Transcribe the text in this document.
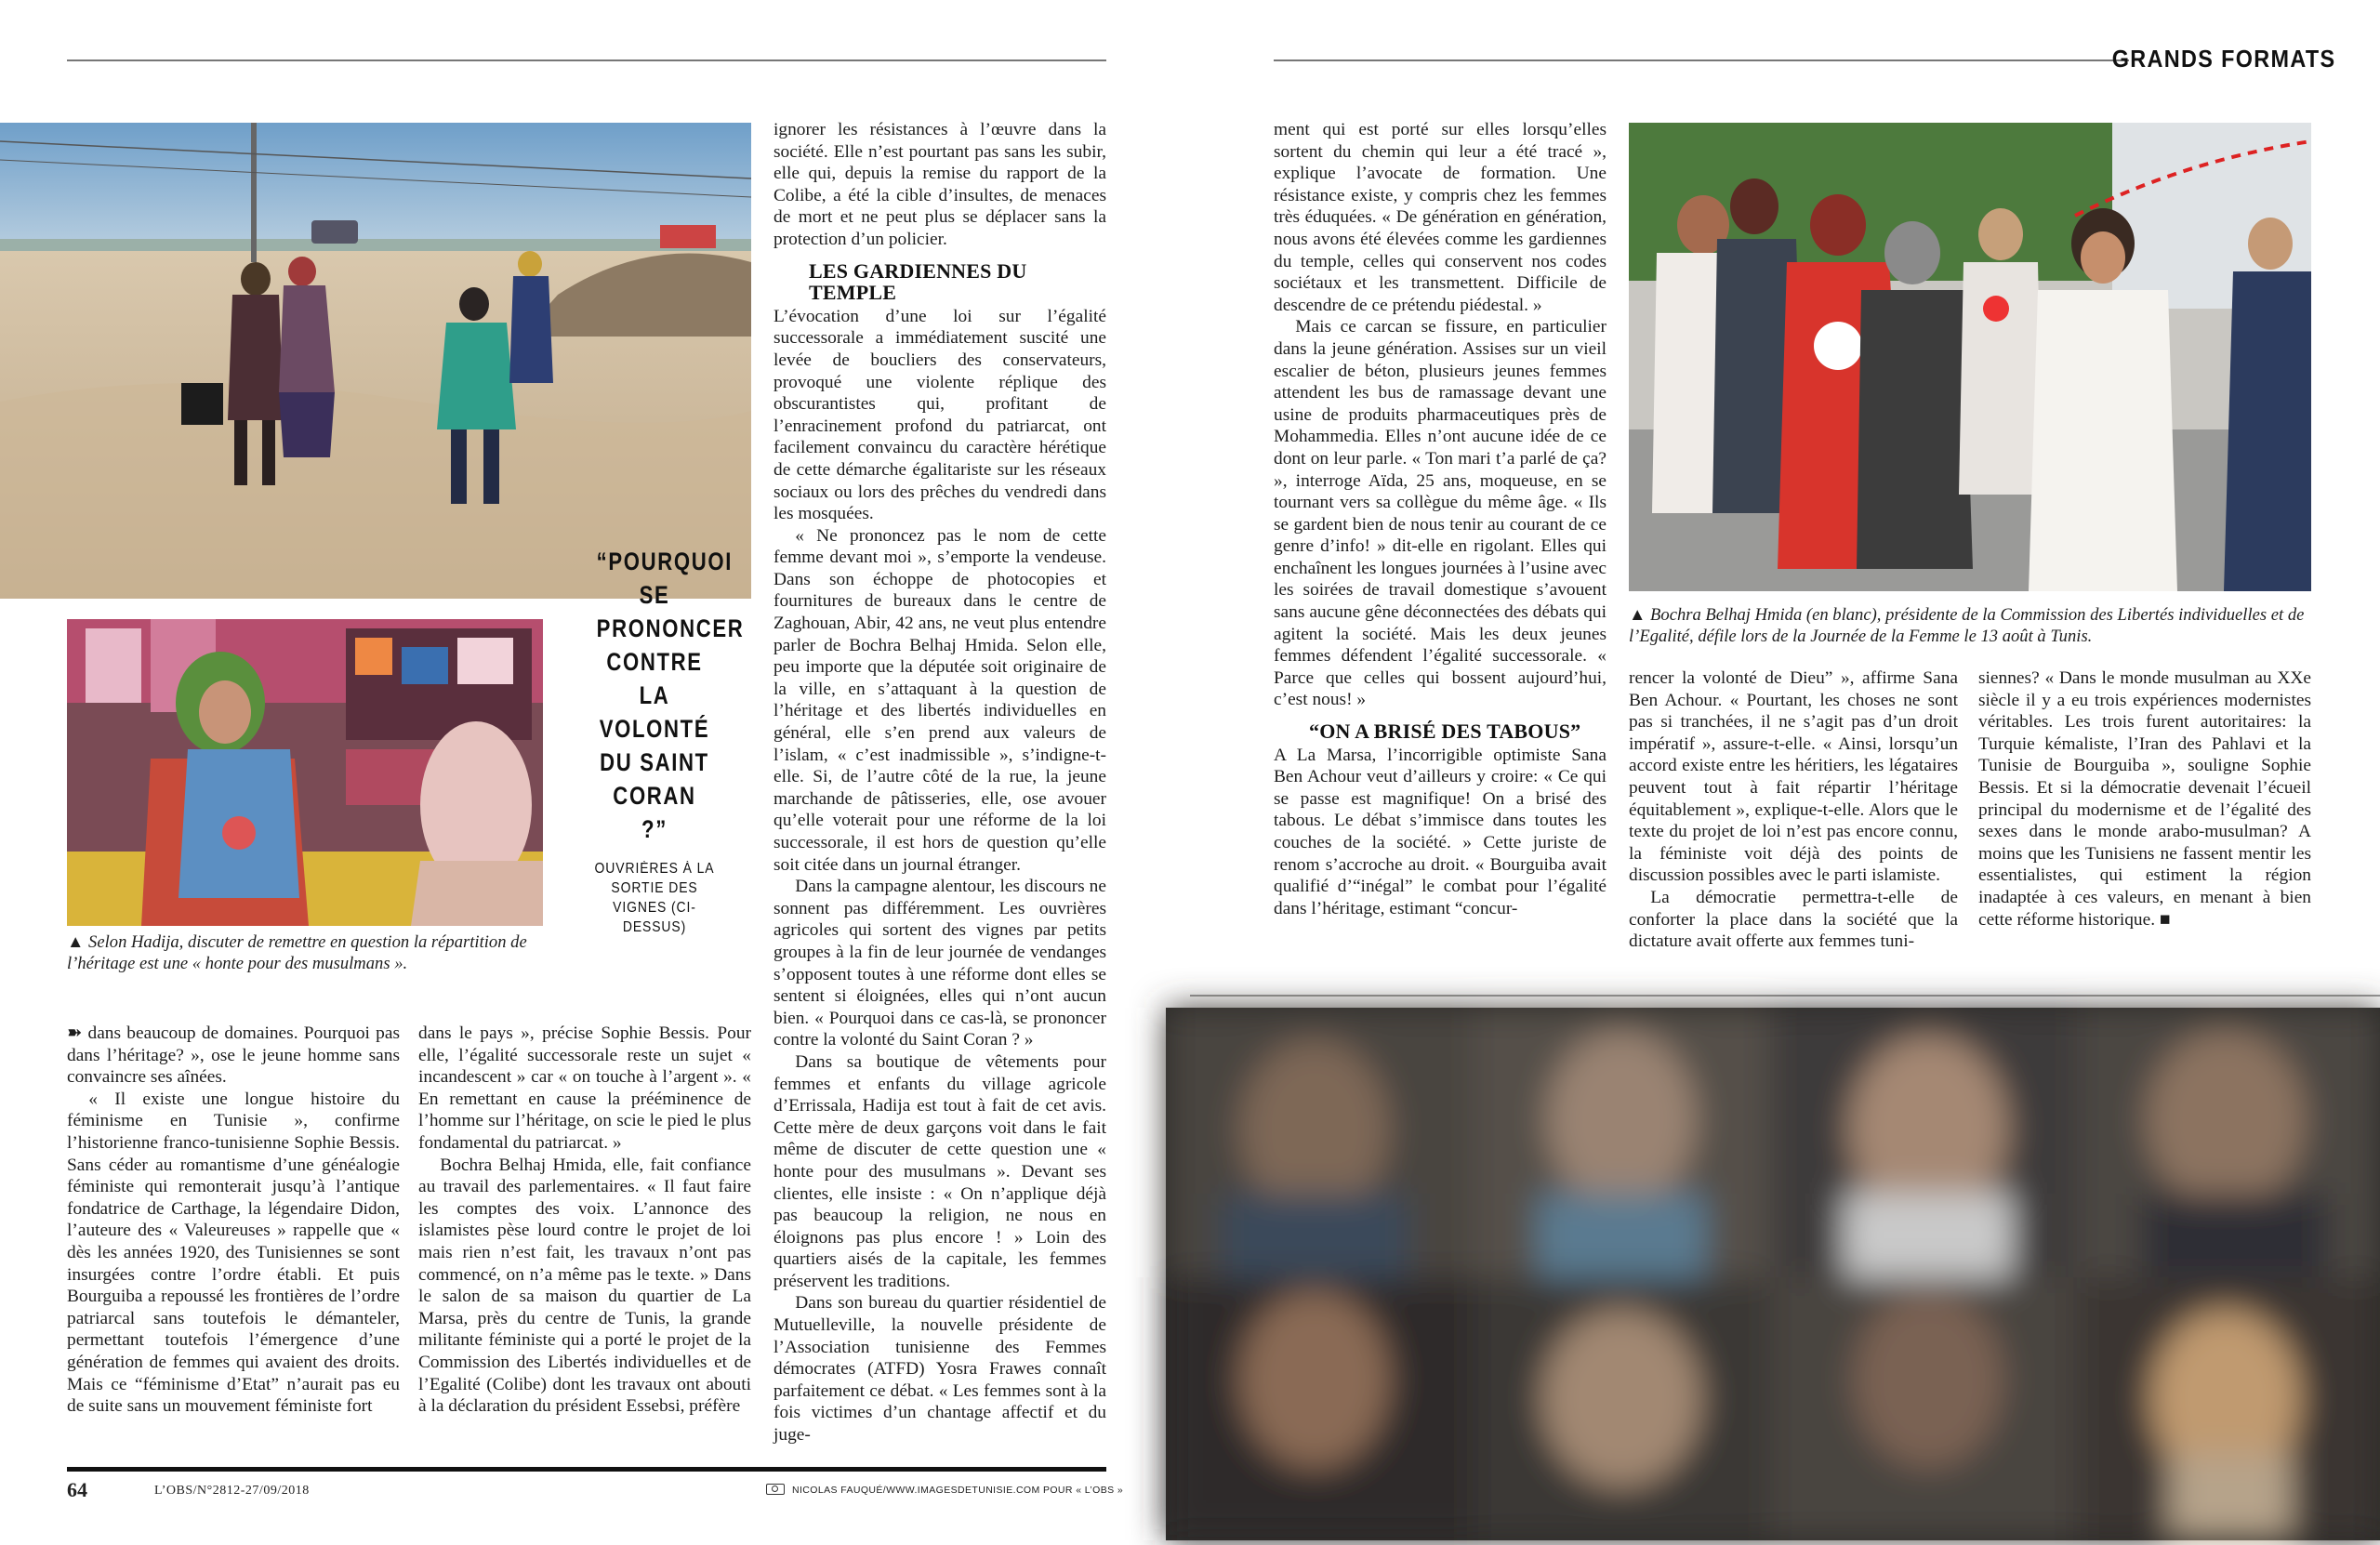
GRANDS FORMATS
“POURQUOI SE PRONONCER CONTRE LA VOLONTÉ DU SAINT CORAN ?”
OUVRIÈRES À LA SORTIE DES VIGNES (CI-DESSUS)
▲ Selon Hadija, discuter de remettre en question la répartition de l’héritage est une « honte pour des musulmans ».

➽ dans beaucoup de domaines. Pourquoi pas dans l’héritage? », ose le jeune homme sans convaincre ses aînées.

« Il existe une longue histoire du féminisme en Tunisie », confirme l’historienne franco-tunisienne Sophie Bessis. Sans céder au romantisme d’une généalogie féministe qui remonterait jusqu’à l’antique fondatrice de Carthage, la légendaire Didon, l’auteure des « Valeureuses » rappelle que « dès les années 1920, des Tunisiennes se sont insurgées contre l’ordre établi. Et puis Bourguiba a repoussé les frontières de l’ordre patriarcal sans toutefois le démanteler, permettant toutefois l’émergence d’une génération de femmes qui avaient des droits. Mais ce “féminisme d’Etat” n’aurait pas eu de suite sans un mouvement féministe fort

dans le pays », précise Sophie Bessis. Pour elle, l’égalité successorale reste un sujet « incandescent » car « on touche à l’argent ». « En remettant en cause la prééminence de l’homme sur l’héritage, on scie le pied le plus fondamental du patriarcat. »

Bochra Belhaj Hmida, elle, fait confiance au travail des parlementaires. « Il faut faire les comptes des voix. L’annonce des islamistes pèse lourd contre le projet de loi mais rien n’est fait, les travaux n’ont pas commencé, on n’a même pas le texte. » Dans le salon de sa maison du quartier de La Marsa, près du centre de Tunis, la grande militante féministe qui a porté le projet de la Commission des Libertés individuelles et de l’Egalité (Colibe) dont les travaux ont abouti à la déclaration du président Essebsi, préfère

ignorer les résistances à l’œuvre dans la société. Elle n’est pourtant pas sans les subir, elle qui, depuis la remise du rapport de la Colibe, a été la cible d’insultes, de menaces de mort et ne peut plus se déplacer sans la protection d’un policier.

LES GARDIENNES DU TEMPLE

L’évocation d’une loi sur l’égalité successorale a immédiatement suscité une levée de boucliers des conservateurs, provoqué une violente réplique des obscurantistes qui, profitant de l’enracinement profond du patriarcat, ont facilement convaincu du caractère hérétique de cette démarche égalitariste sur les réseaux sociaux ou lors des prêches du vendredi dans les mosquées.

« Ne prononcez pas le nom de cette femme devant moi », s’emporte la vendeuse. Dans son échoppe de photocopies et fournitures de bureaux dans le centre de Zaghouan, Abir, 42 ans, ne veut plus entendre parler de Bochra Belhaj Hmida. Selon elle, peu importe que la députée soit originaire de la ville, en s’attaquant à la question de l’héritage et des libertés individuelles en général, elle s’en prend aux valeurs de l’islam, « c’est inadmissible », s’indigne-t-elle. Si, de l’autre côté de la rue, la jeune marchande de pâtisseries, elle, ose avouer qu’elle voterait pour une réforme de la loi successorale, il est hors de question qu’elle soit citée dans un journal étranger.

Dans la campagne alentour, les discours ne sonnent pas différemment. Les ouvrières agricoles qui sortent des vignes par petits groupes à la fin de leur journée de vendanges s’opposent toutes à une réforme dont elles se sentent si éloignées, elles qui n’ont aucun bien. « Pourquoi dans ce cas-là, se prononcer contre la volonté du Saint Coran ? »

Dans sa boutique de vêtements pour femmes et enfants du village agricole d’Errissala, Hadija est tout à fait de cet avis. Cette mère de deux garçons voit dans le fait même de discuter de cette question une « honte pour des musulmans ». Devant ses clientes, elle insiste : « On n’applique déjà pas beaucoup la religion, ne nous en éloignons pas plus encore ! » Loin des quartiers aisés de la capitale, les femmes préservent les traditions.

Dans son bureau du quartier résidentiel de Mutuelleville, la nouvelle présidente de l’Association tunisienne des Femmes démocrates (ATFD) Yosra Frawes connaît parfaitement ce débat. « Les femmes sont à la fois victimes d’un chantage affectif et du juge-

ment qui est porté sur elles lorsqu’elles sortent du chemin qui leur a été tracé », explique l’avocate de formation. Une résistance existe, y compris chez les femmes très éduquées. « De génération en génération, nous avons été élevées comme les gardiennes du temple, celles qui conservent nos codes sociétaux et les transmettent. Difficile de descendre de ce prétendu piédestal. »

Mais ce carcan se fissure, en particulier dans la jeune génération. Assises sur un vieil escalier de béton, plusieurs jeunes femmes attendent les bus de ramassage devant une usine de produits pharmaceutiques près de Mohammedia. Elles n’ont aucune idée de ce dont on leur parle. « Ton mari t’a parlé de ça? », interroge Aïda, 25 ans, moqueuse, en se tournant vers sa collègue du même âge. « Ils se gardent bien de nous tenir au courant de ce genre d’info! » dit-elle en rigolant. Elles qui enchaînent les longues journées à l’usine avec les soirées de travail domestique s’avouent sans aucune gêne déconnectées des débats qui agitent la société. Mais les deux jeunes femmes défendent l’égalité successorale. « Parce que celles qui bossent aujourd’hui, c’est nous! »

“ON A BRISÉ DES TABOUS”

A La Marsa, l’incorrigible optimiste Sana Ben Achour veut d’ailleurs y croire: « Ce qui se passe est magnifique! On a brisé des tabous. Le débat s’immisce dans toutes les couches de la société. » Cette juriste de renom s’accroche au droit. « Bourguiba avait qualifié d’“inégal” le combat pour l’égalité dans l’héritage, estimant “concur-

▲ Bochra Belhaj Hmida (en blanc), présidente de la Commission des Libertés individuelles et de l’Egalité, défile lors de la Journée de la Femme le 13 août à Tunis.

rencer la volonté de Dieu” », affirme Sana Ben Achour. « Pourtant, les choses ne sont pas si tranchées, il ne s’agit pas d’un droit impératif », assure-t-elle. « Ainsi, lorsqu’un accord existe entre les héritiers, les légataires peuvent tout à fait répartir l’héritage équitablement », explique-t-elle. Alors que le texte du projet de loi n’est pas encore connu, la féministe voit déjà des points de discussion possibles avec le parti islamiste.

La démocratie permettra-t-elle de conforter la place dans la société que la dictature avait offerte aux femmes tuni-

siennes? « Dans le monde musulman au XXe siècle il y a eu trois expériences modernistes véritables. Les trois furent autoritaires: la Turquie kémaliste, l’Iran des Pahlavi et la Tunisie de Bourguiba », souligne Sophie Bessis. Et si la démocratie devenait l’écueil principal du modernisme et de l’égalité des sexes dans le monde arabo-musulman? A moins que les Tunisiens ne fassent mentir les essentialistes, qui estiment la région inadaptée à ces valeurs, en menant à bien cette réforme historique. ■

64	L’OBS/N°2812-27/09/2018	NICOLAS FAUQUÉ/WWW.IMAGESDETUNISIE.COM POUR « L’OBS »
